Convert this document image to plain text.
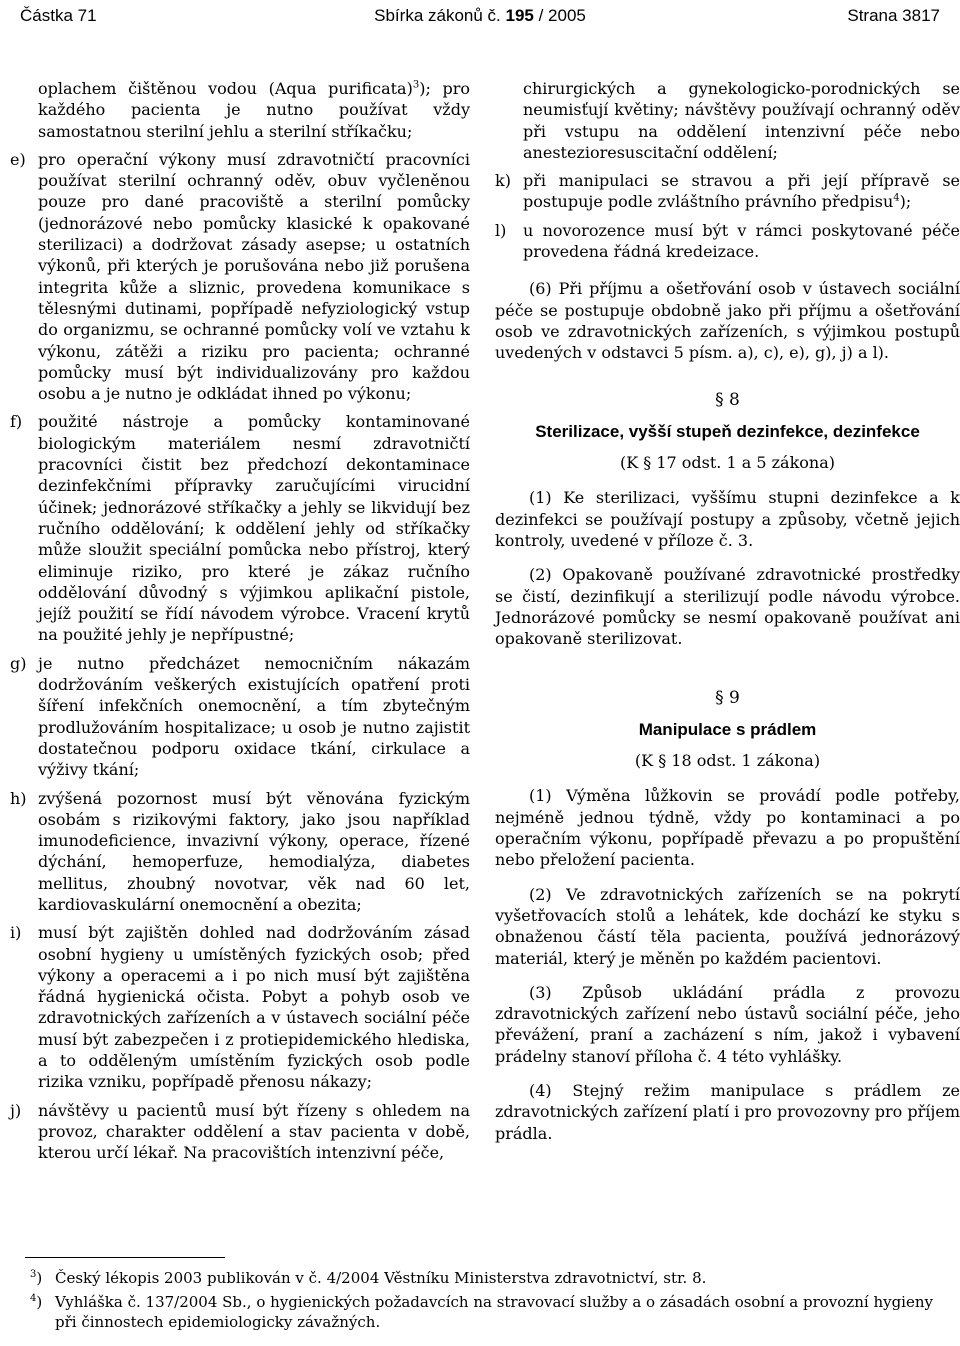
Částka 71	Sbírka zákonů č. 195 / 2005	Strana 3817

oplachem čištěnou vodou (Aqua purificata)$^3$); pro každého pacienta je nutno používat vždy samostatnou sterilní jehlu a sterilní stříkačku;

e) pro operační výkony musí zdravotničtí pracovníci používat sterilní ochranný oděv, obuv vyčleněnou pouze pro dané pracoviště a sterilní pomůcky (jednorázové nebo pomůcky klasické k opakované sterilizaci) a dodržovat zásady asepse; u ostatních výkonů, při kterých je porušována nebo již porušena integrita kůže a sliznic, provedena komunikace s tělesnými dutinami, popřípadě nefyziologický vstup do organizmu, se ochranné pomůcky volí ve vztahu k výkonu, zátěži a riziku pro pacienta; ochranné pomůcky musí být individualizovány pro každou osobu a je nutno je odkládat ihned po výkonu;

f) použité nástroje a pomůcky kontaminované biologickým materiálem nesmí zdravotničtí pracovníci čistit bez předchozí dekontaminace dezinfekčními přípravky zaručujícími virucidní účinek; jednorázové stříkačky a jehly se likvidují bez ručního oddělování; k oddělení jehly od stříkačky může sloužit speciální pomůcka nebo přístroj, který eliminuje riziko, pro které je zákaz ručního oddělování důvodný s výjimkou aplikační pistole, jejíž použití se řídí návodem výrobce. Vracení krytů na použité jehly je nepřípustné;

g) je nutno předcházet nemocničním nákazám dodržováním veškerých existujících opatření proti šíření infekčních onemocnění, a tím zbytečným prodlužováním hospitalizace; u osob je nutno zajistit dostatečnou podporu oxidace tkání, cirkulace a výživy tkání;

h) zvýšená pozornost musí být věnována fyzickým osobám s rizikovými faktory, jako jsou například imunodeficience, invazivní výkony, operace, řízené dýchání, hemoperfuze, hemodialýza, diabetes mellitus, zhoubný novotvar, věk nad 60 let, kardiovaskulární onemocnění a obezita;

i)	musí být zajištěn dohled nad dodržováním zásad osobní hygieny u umístěných fyzických osob; před výkony a operacemi a i po nich musí být zajištěna řádná hygienická očista. Pobyt a pohyb osob ve zdravotnických zařízeních a v ústavech sociální péče musí být zabezpečen i z protiepidemického hlediska, a to odděleným umístěním fyzických osob podle rizika vzniku, popřípadě přenosu nákazy;

j)	návštěvy u pacientů musí být řízeny s ohledem na provoz, charakter oddělení a stav pacienta v době, kterou určí lékař. Na pracovištích intenzivní péče,

chirurgických a gynekologicko-porodnických se neumisťují květiny; návštěvy používají ochranný oděv při vstupu na oddělení intenzivní péče nebo anestezioresuscitační oddělení;

k) při manipulaci se stravou a při její přípravě se postupuje podle zvláštního právního předpisu$^4$);

l)	u novorozence musí být v rámci poskytované péče provedena řádná kredeizace.

(6) Při příjmu a ošetřování osob v ústavech sociální péče se postupuje obdobně jako při příjmu a ošetřování osob ve zdravotnických zařízeních, s výjimkou postupů uvedených v odstavci 5 písm. a), c), e), g), j) a l).

§ 8
Sterilizace, vyšší stupeň dezinfekce, dezinfekce
(K § 17 odst. 1 a 5 zákona)

(1) Ke sterilizaci, vyššímu stupni dezinfekce a k dezinfekci se používají postupy a způsoby, včetně jejich kontroly, uvedené v příloze č. 3.

(2) Opakovaně používané zdravotnické prostředky se čistí, dezinfikují a sterilizují podle návodu výrobce. Jednorázové pomůcky se nesmí opakovaně používat ani opakovaně sterilizovat.

§ 9
Manipulace s prádlem
(K § 18 odst. 1 zákona)

(1) Výměna lůžkovin se provádí podle potřeby, nejméně jednou týdně, vždy po kontaminaci a po operačním výkonu, popřípadě převazu a po propuštění nebo přeložení pacienta.

(2) Ve zdravotnických zařízeních se na pokrytí vyšetřovacích stolů a lehátek, kde dochází ke styku s obnaženou částí těla pacienta, používá jednorázový materiál, který je měněn po každém pacientovi.

(3) Způsob ukládání prádla z provozu zdravotnických zařízení nebo ústavů sociální péče, jeho převážení, praní a zacházení s ním, jakož i vybavení prádelny stanoví příloha č. 4 této vyhlášky.

(4) Stejný režim manipulace s prádlem ze zdravotnických zařízení platí i pro provozovny pro příjem prádla.

$^3$) Český lékopis 2003 publikován v č. 4/2004 Věstníku Ministerstva zdravotnictví, str. 8.

$^4$) Vyhláška č. 137/2004 Sb., o hygienických požadavcích na stravovací služby a o zásadách osobní a provozní hygieny při činnostech epidemiologicky závažných.
